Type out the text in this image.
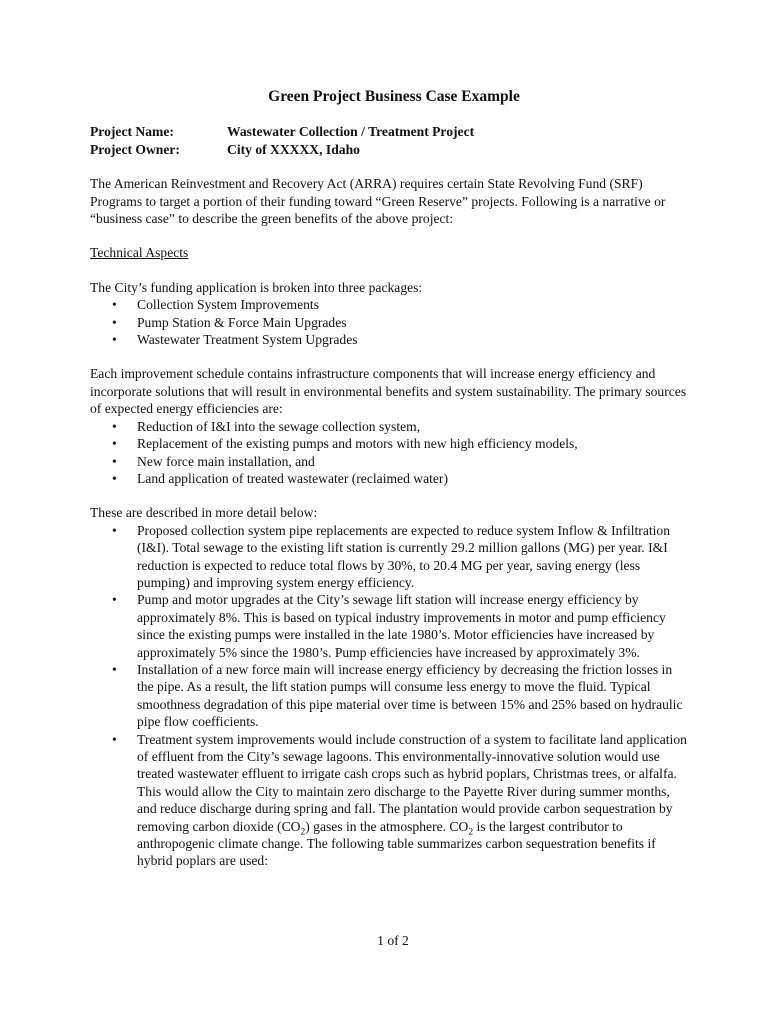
Green Project Business Case Example
Project Name:	Wastewater Collection / Treatment Project
Project Owner:	City of XXXXX, Idaho

The American Reinvestment and Recovery Act (ARRA) requires certain State Revolving Fund (SRF) Programs to target a portion of their funding toward “Green Reserve” projects. Following is a narrative or “business case” to describe the green benefits of the above project:

Technical Aspects

The City’s funding application is broken into three packages:

• Collection System Improvements
• Pump Station & Force Main Upgrades
• Wastewater Treatment System Upgrades

Each improvement schedule contains infrastructure components that will increase energy efficiency and incorporate solutions that will result in environmental benefits and system sustainability. The primary sources of expected energy efficiencies are:

• Reduction of I&I into the sewage collection system,
• Replacement of the existing pumps and motors with new high efficiency models,
• New force main installation, and
• Land application of treated wastewater (reclaimed water)

These are described in more detail below:

• Proposed collection system pipe replacements are expected to reduce system Inflow & Infiltration (I&I). Total sewage to the existing lift station is currently 29.2 million gallons (MG) per year. I&I reduction is expected to reduce total flows by 30%, to 20.4 MG per year, saving energy (less pumping) and improving system energy efficiency.
• Pump and motor upgrades at the City’s sewage lift station will increase energy efficiency by approximately 8%. This is based on typical industry improvements in motor and pump efficiency since the existing pumps were installed in the late 1980’s. Motor efficiencies have increased by approximately 5% since the 1980’s. Pump efficiencies have increased by approximately 3%.
• Installation of a new force main will increase energy efficiency by decreasing the friction losses in the pipe. As a result, the lift station pumps will consume less energy to move the fluid. Typical smoothness degradation of this pipe material over time is between 15% and 25% based on hydraulic pipe flow coefficients.
• Treatment system improvements would include construction of a system to facilitate land application of effluent from the City’s sewage lagoons. This environmentally-innovative solution would use treated wastewater effluent to irrigate cash crops such as hybrid poplars, Christmas trees, or alfalfa. This would allow the City to maintain zero discharge to the Payette River during summer months, and reduce discharge during spring and fall. The plantation would provide carbon sequestration by removing carbon dioxide $(CO_2)$ gases in the atmosphere. $CO_2$ is the largest contributor to anthropogenic climate change. The following table summarizes carbon sequestration benefits if hybrid poplars are used:
1 of 2
